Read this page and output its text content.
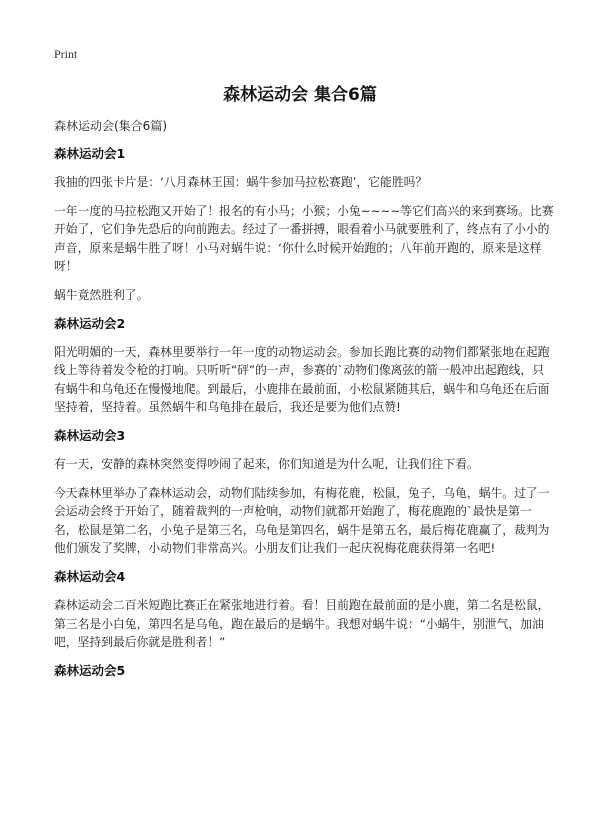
Print
森林运动会 集合6篇
森林运动会(集合6篇)
森林运动会1

我抽的四张卡片是：‘八月森林王国：蜗牛参加马拉松赛跑’，它能胜吗？

一年一度的马拉松跑又开始了！报名的有小马；小猴；小兔~~~~等它们高兴的来到赛场。比赛开始了，它们争先恐后的向前跑去。经过了一番拼搏，眼看着小马就要胜利了，终点有了小小的声音，原来是蜗牛胜了呀！小马对蜗牛说：‘你什么时候开始跑的；八年前开跑的，原来是这样呀！

蜗牛竟然胜利了。

森林运动会2

阳光明媚的一天，森林里要举行一年一度的动物运动会。参加长跑比赛的动物们都紧张地在起跑线上等待着发令枪的打响。只听听“砰”的一声，参赛的`动物们像离弦的箭一般冲出起跑线，只有蜗牛和乌龟还在慢慢地爬。到最后，小鹿排在最前面，小松鼠紧随其后，蜗牛和乌龟还在后面坚持着，坚持着。虽然蜗牛和乌龟排在最后，我还是要为他们点赞!

森林运动会3

有一天，安静的森林突然变得吵闹了起来，你们知道是为什么呢，让我们往下看。

今天森林里举办了森林运动会，动物们陆续参加，有梅花鹿，松鼠，兔子，乌龟，蜗牛。过了一会运动会终于开始了，随着裁判的一声枪响，动物们就都开始跑了，梅花鹿跑的`最快是第一名，松鼠是第二名，小兔子是第三名，乌龟是第四名，蜗牛是第五名，最后梅花鹿赢了，裁判为他们颁发了奖牌，小动物们非常高兴。小朋友们让我们一起庆祝梅花鹿获得第一名吧!

森林运动会4

森林运动会二百米短跑比赛正在紧张地进行着。看！目前跑在最前面的是小鹿，第二名是松鼠，第三名是小白兔，第四名是乌龟，跑在最后的是蜗牛。我想对蜗牛说：“小蜗牛，别泄气，加油吧，坚持到最后你就是胜利者！”

森林运动会5
